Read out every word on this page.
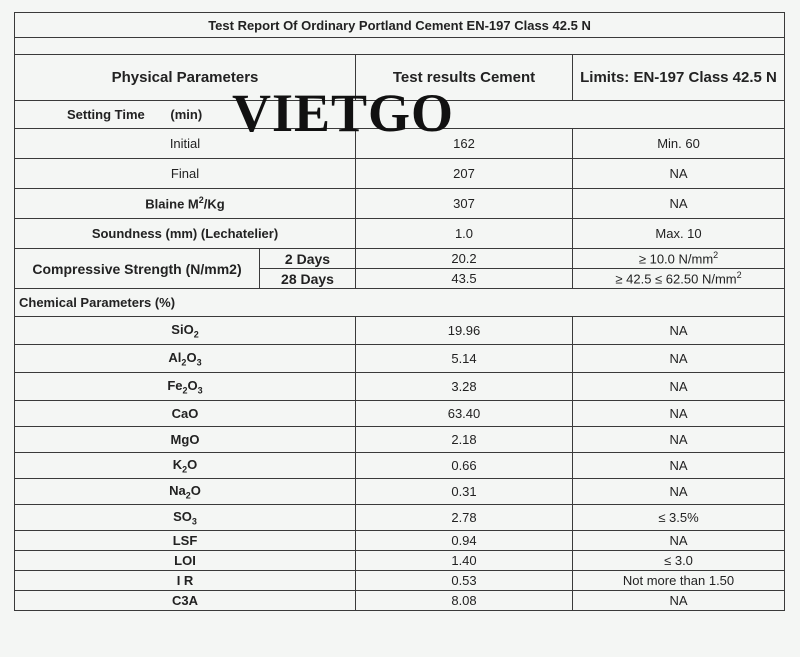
Test Report Of Ordinary Portland Cement EN-197 Class 42.5 N			

Physical Parameters		Test results Cement	Limits: EN-197 Class 42.5 N
Setting Time (min)			
Initial		162	Min. 60
Final		207	NA
Blaine $M^2/Kg$		307	NA
Soundness (mm) (Lechatelier)		1.0	Max. 10
Compressive Strength (N/mm2)	2 Days	20.2	≥ 10.0 $N/mm^2$
	28 Days	43.5	≥ 42.5 ≤ 62.50 $N/mm^2$
Chemical Parameters (%)			
SiO$_2$		19.96	NA
$Al_2O_3$		5.14	NA
$Fe_2O_3$		3.28	NA
CaO		63.40	NA
MgO		2.18	NA
$K_2O$		0.66	NA
$Na_2O$		0.31	NA
$SO_3$		2.78	≤ 3.5%
LSF		0.94	NA
LOI		1.40	≤ 3.0
I R		0.53	Not more than 1.50
C3A		8.08	NA
VIETGO
